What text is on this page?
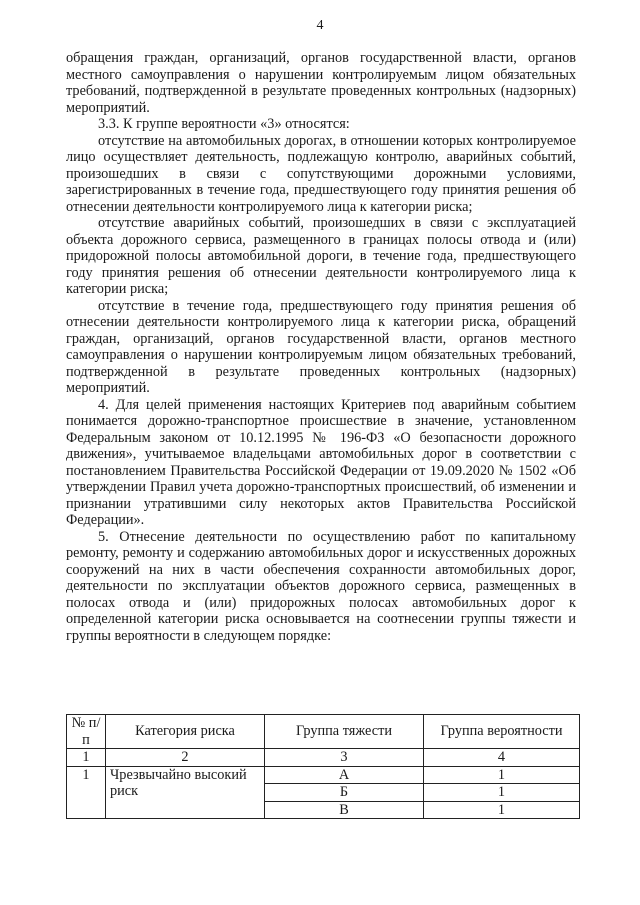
4

обращения граждан, организаций, органов государственной власти, органов местного самоуправления о нарушении контролируемым лицом обязательных требований, подтвержденной в результате проведенных контрольных (надзорных) мероприятий.

3.3. К группе вероятности «3» относятся:

отсутствие на автомобильных дорогах, в отношении которых контролируемое лицо осуществляет деятельность, подлежащую контролю, аварийных событий, произошедших в связи с сопутствующими дорожными условиями, зарегистрированных в течение года, предшествующего году принятия решения об отнесении деятельности контролируемого лица к категории риска;

отсутствие аварийных событий, произошедших в связи с эксплуатацией объекта дорожного сервиса, размещенного в границах полосы отвода и (или) придорожной полосы автомобильной дороги, в течение года, предшествующего году принятия решения об отнесении деятельности контролируемого лица к категории риска;

отсутствие в течение года, предшествующего году принятия решения об отнесении деятельности контролируемого лица к категории риска, обращений граждан, организаций, органов государственной власти, органов местного самоуправления о нарушении контролируемым лицом обязательных требований, подтвержденной в результате проведенных контрольных (надзорных) мероприятий.

4. Для целей применения настоящих Критериев под аварийным событием понимается дорожно-транспортное происшествие в значение, установленном Федеральным законом от 10.12.1995 № 196-ФЗ «О безопасности дорожного движения», учитываемое владельцами автомобильных дорог в соответствии с постановлением Правительства Российской Федерации от 19.09.2020 № 1502 «Об утверждении Правил учета дорожно-транспортных происшествий, об изменении и признании утратившими силу некоторых актов Правительства Российской Федерации».

5. Отнесение деятельности по осуществлению работ по капитальному ремонту, ремонту и содержанию автомобильных дорог и искусственных дорожных сооружений на них в части обеспечения сохранности автомобильных дорог, деятельности по эксплуатации объектов дорожного сервиса, размещенных в полосах отвода и (или) придорожных полосах автомобильных дорог к определенной категории риска основывается на соотнесении группы тяжести и группы вероятности в следующем порядке:

№ п/п	Категория риска	Группа тяжести	Группа вероятности
1	2	3	4
1	Чрезвычайно высокий риск	А	1
		Б	1
		В	1
